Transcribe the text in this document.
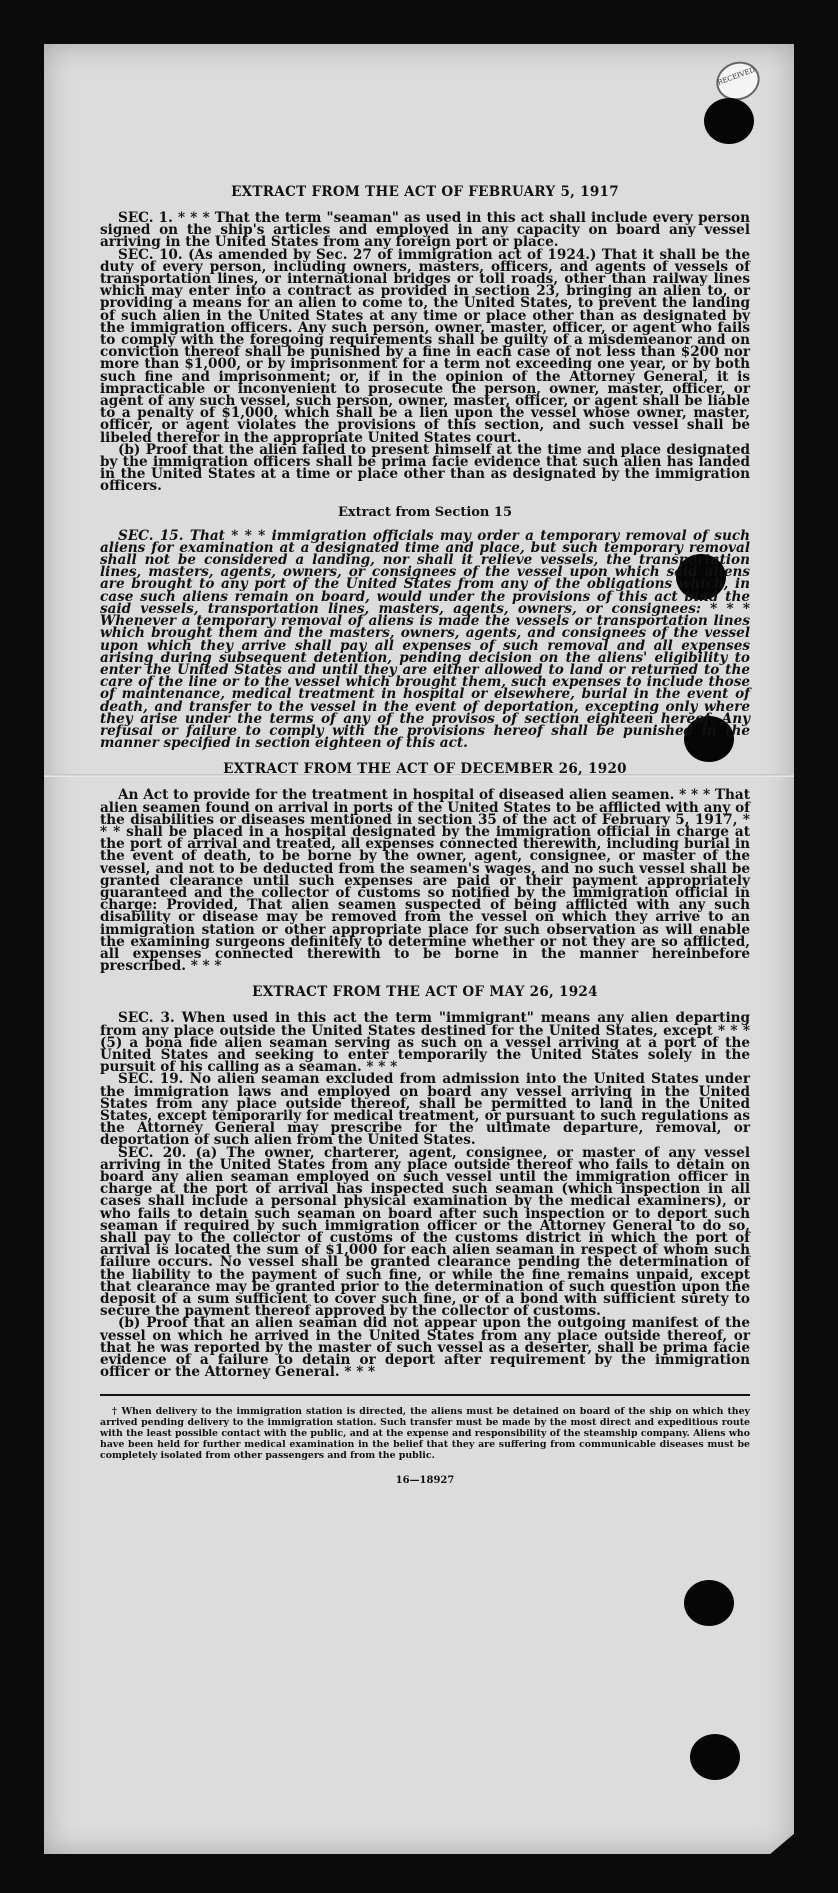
RECEIVED
EXTRACT FROM THE ACT OF FEBRUARY 5, 1917

SEC. 1. * * * That the term "seaman" as used in this act shall include every person signed on the ship's articles and employed in any capacity on board any vessel arriving in the United States from any foreign port or place.

SEC. 10. (As amended by Sec. 27 of immigration act of 1924.) That it shall be the duty of every person, including owners, masters, officers, and agents of vessels of transportation lines, or international bridges or toll roads, other than railway lines which may enter into a contract as provided in section 23, bringing an alien to, or providing a means for an alien to come to, the United States, to prevent the landing of such alien in the United States at any time or place other than as designated by the immigration officers. Any such person, owner, master, officer, or agent who fails to comply with the foregoing requirements shall be guilty of a misdemeanor and on conviction thereof shall be punished by a fine in each case of not less than $200 nor more than $1,000, or by imprisonment for a term not exceeding one year, or by both such fine and imprisonment; or, if in the opinion of the Attorney General, it is impracticable or inconvenient to prosecute the person, owner, master, officer, or agent of any such vessel, such person, owner, master, officer, or agent shall be liable to a penalty of $1,000, which shall be a lien upon the vessel whose owner, master, officer, or agent violates the provisions of this section, and such vessel shall be libeled therefor in the appropriate United States court.

(b) Proof that the alien failed to present himself at the time and place designated by the immigration officers shall be prima facie evidence that such alien has landed in the United States at a time or place other than as designated by the immigration officers.

Extract from Section 15

SEC. 15. That * * * immigration officials may order a temporary removal of such aliens for examination at a designated time and place, but such temporary removal shall not be considered a landing, nor shall it relieve vessels, the transportation lines, masters, agents, owners, or consignees of the vessel upon which said aliens are brought to any port of the United States from any of the obligations which, in case such aliens remain on board, would under the provisions of this act bind the said vessels, transportation lines, masters, agents, owners, or consignees: * * * Whenever a temporary removal of aliens is made the vessels or transportation lines which brought them and the masters, owners, agents, and consignees of the vessel upon which they arrive shall pay all expenses of such removal and all expenses arising during subsequent detention, pending decision on the aliens' eligibility to enter the United States and until they are either allowed to land or returned to the care of the line or to the vessel which brought them, such expenses to include those of maintenance, medical treatment in hospital or elsewhere, burial in the event of death, and transfer to the vessel in the event of deportation, excepting only where they arise under the terms of any of the provisos of section eighteen hereof. Any refusal or failure to comply with the provisions hereof shall be punished in the manner specified in section eighteen of this act.

EXTRACT FROM THE ACT OF DECEMBER 26, 1920

An Act to provide for the treatment in hospital of diseased alien seamen. * * * That alien seamen found on arrival in ports of the United States to be afflicted with any of the disabilities or diseases mentioned in section 35 of the act of February 5, 1917, * * * shall be placed in a hospital designated by the immigration official in charge at the port of arrival and treated, all expenses connected therewith, including burial in the event of death, to be borne by the owner, agent, consignee, or master of the vessel, and not to be deducted from the seamen's wages, and no such vessel shall be granted clearance until such expenses are paid or their payment appropriately guaranteed and the collector of customs so notified by the immigration official in charge: Provided, That alien seamen suspected of being afflicted with any such disability or disease may be removed from the vessel on which they arrive to an immigration station or other appropriate place for such observation as will enable the examining surgeons definitely to determine whether or not they are so afflicted, all expenses connected therewith to be borne in the manner hereinbefore prescribed. * * *

EXTRACT FROM THE ACT OF MAY 26, 1924

SEC. 3. When used in this act the term "immigrant" means any alien departing from any place outside the United States destined for the United States, except * * * (5) a bona fide alien seaman serving as such on a vessel arriving at a port of the United States and seeking to enter temporarily the United States solely in the pursuit of his calling as a seaman. * * *

SEC. 19. No alien seaman excluded from admission into the United States under the immigration laws and employed on board any vessel arriving in the United States from any place outside thereof, shall be permitted to land in the United States, except temporarily for medical treatment, or pursuant to such regulations as the Attorney General may prescribe for the ultimate departure, removal, or deportation of such alien from the United States.

SEC. 20. (a) The owner, charterer, agent, consignee, or master of any vessel arriving in the United States from any place outside thereof who fails to detain on board any alien seaman employed on such vessel until the immigration officer in charge at the port of arrival has inspected such seaman (which inspection in all cases shall include a personal physical examination by the medical examiners), or who fails to detain such seaman on board after such inspection or to deport such seaman if required by such immigration officer or the Attorney General to do so, shall pay to the collector of customs of the customs district in which the port of arrival is located the sum of $1,000 for each alien seaman in respect of whom such failure occurs. No vessel shall be granted clearance pending the determination of the liability to the payment of such fine, or while the fine remains unpaid, except that clearance may be granted prior to the determination of such question upon the deposit of a sum sufficient to cover such fine, or of a bond with sufficient surety to secure the payment thereof approved by the collector of customs.

(b) Proof that an alien seaman did not appear upon the outgoing manifest of the vessel on which he arrived in the United States from any place outside thereof, or that he was reported by the master of such vessel as a deserter, shall be prima facie evidence of a failure to detain or deport after requirement by the immigration officer or the Attorney General. * * *

† When delivery to the immigration station is directed, the aliens must be detained on board of the ship on which they arrived pending delivery to the immigration station. Such transfer must be made by the most direct and expeditious route with the least possible contact with the public, and at the expense and responsibility of the steamship company. Aliens who have been held for further medical examination in the belief that they are suffering from communicable diseases must be completely isolated from other passengers and from the public.

16—18927
